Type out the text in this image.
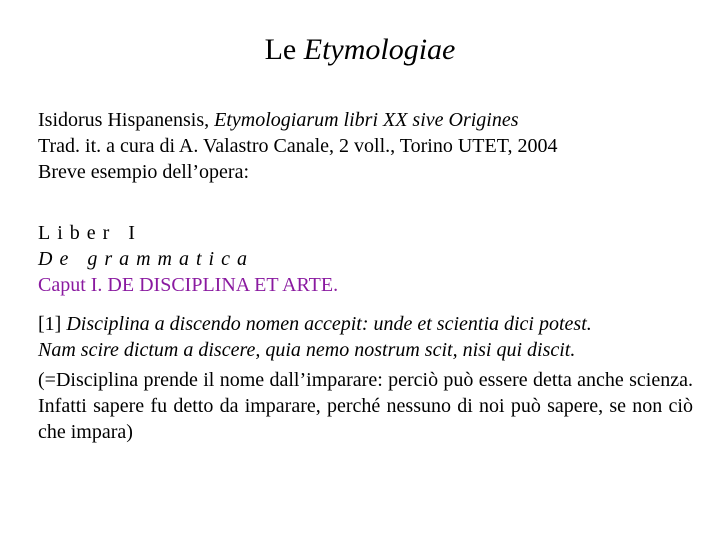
Le Etymologiae
Isidorus Hispanensis, Etymologiarum libri XX sive Origines
Trad. it. a cura di A. Valastro Canale, 2 voll., Torino UTET, 2004
Breve esempio dell’opera:
Liber I
De grammatica
Caput I. DE DISCIPLINA ET ARTE.
[1] Disciplina a discendo nomen accepit: unde et scientia dici potest.
Nam scire dictum a discere, quia nemo nostrum scit, nisi qui discit.
(=Disciplina prende il nome dall’imparare: perciò può essere detta anche scienza. Infatti sapere fu detto da imparare, perché nessuno di noi può sapere, se non ciò che impara)
